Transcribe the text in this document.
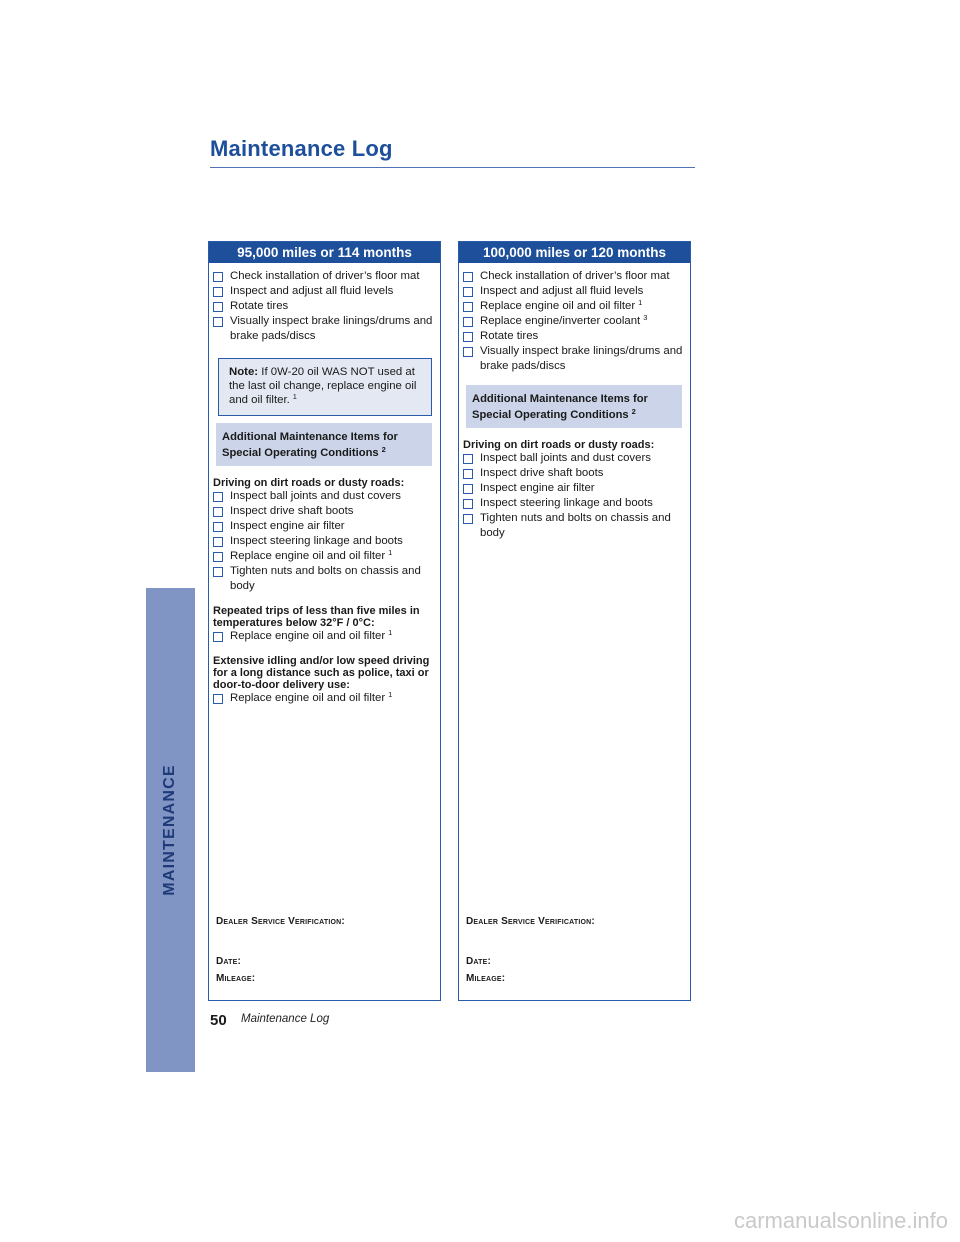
Maintenance Log
MAINTENANCE
95,000 miles or 114 months
Check installation of driver’s floor mat
Inspect and adjust all fluid levels
Rotate tires
Visually inspect brake linings/drums and brake pads/discs
Note: If 0W-20 oil WAS NOT used at the last oil change, replace engine oil and oil filter. $^1$
Additional Maintenance Items for Special Operating Conditions $^2$
Driving on dirt roads or dusty roads:
Inspect ball joints and dust covers
Inspect drive shaft boots
Inspect engine air filter
Inspect steering linkage and boots
Replace engine oil and oil filter $^1$
Tighten nuts and bolts on chassis and body
Repeated trips of less than five miles in temperatures below 32°F / 0°C:
Replace engine oil and oil filter $^1$
Extensive idling and/or low speed driving for a long distance such as police, taxi or door-to-door delivery use:
Replace engine oil and oil filter $^1$
Dealer Service Verification:
Date:
Mileage:
100,000 miles or 120 months
Check installation of driver’s floor mat
Inspect and adjust all fluid levels
Replace engine oil and oil filter $^1$
Replace engine/inverter coolant $^3$
Rotate tires
Visually inspect brake linings/drums and brake pads/discs
Additional Maintenance Items for Special Operating Conditions $^2$
Driving on dirt roads or dusty roads:
Inspect ball joints and dust covers
Inspect drive shaft boots
Inspect engine air filter
Inspect steering linkage and boots
Tighten nuts and bolts on chassis and body
Dealer Service Verification:
Date:
Mileage:
50 Maintenance Log
carmanualsonline.info
